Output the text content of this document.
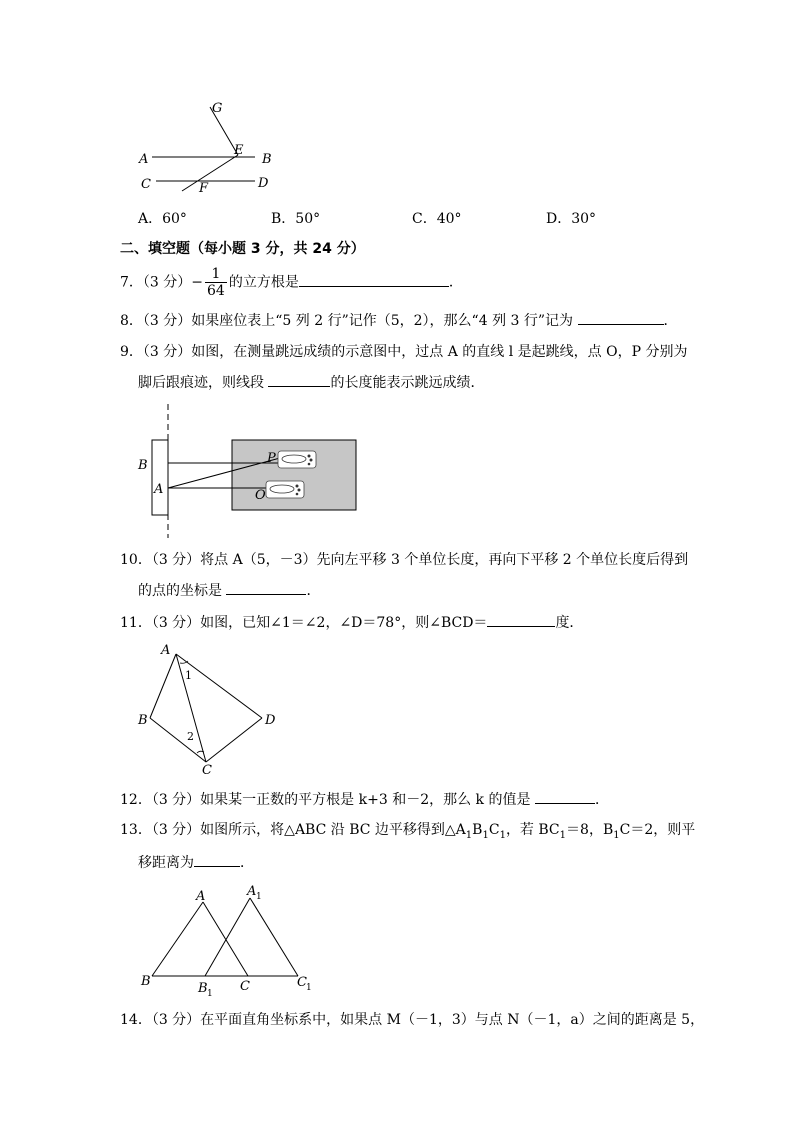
G
E
A	B
C	D
F
A．60°	B．50°	C．40°	D．30°
二、填空题（每小题 3 分，共 24 分）
7．（3 分）− $\frac{1}{64}$ 的立方根是	．
8．（3 分）如果座位表上“5 列 2 行”记作（5，2），那么“4 列 3 行”记为	．
9．（3 分）如图，在测量跳远成绩的示意图中，过点 A 的直线 l 是起跳线，点 O，P 分别为
脚后跟痕迹，则线段	的长度能表示跳远成绩．
B
A
P
O
10．（3 分）将点 A（5，－3）先向左平移 3 个单位长度，再向下平移 2 个单位长度后得到
的点的坐标是	．
11．（3 分）如图，已知∠1＝∠2，∠D＝78°，则∠BCD＝	度．
A
B
C
D
1
2
12．（3 分）如果某一正数的平方根是 k+3 和－2，那么 k 的值是	．
13．（3 分）如图所示，将△ABC 沿 BC 边平移得到$\triangle A_1B_1C_1$，若 $BC_1=8$，$B_1C=2$，则平
移距离为	．
A	A 1
B	B 1 C	C 1
14．（3 分）在平面直角坐标系中，如果点 M（－1，3）与点 N（－1，a）之间的距离是 5，
